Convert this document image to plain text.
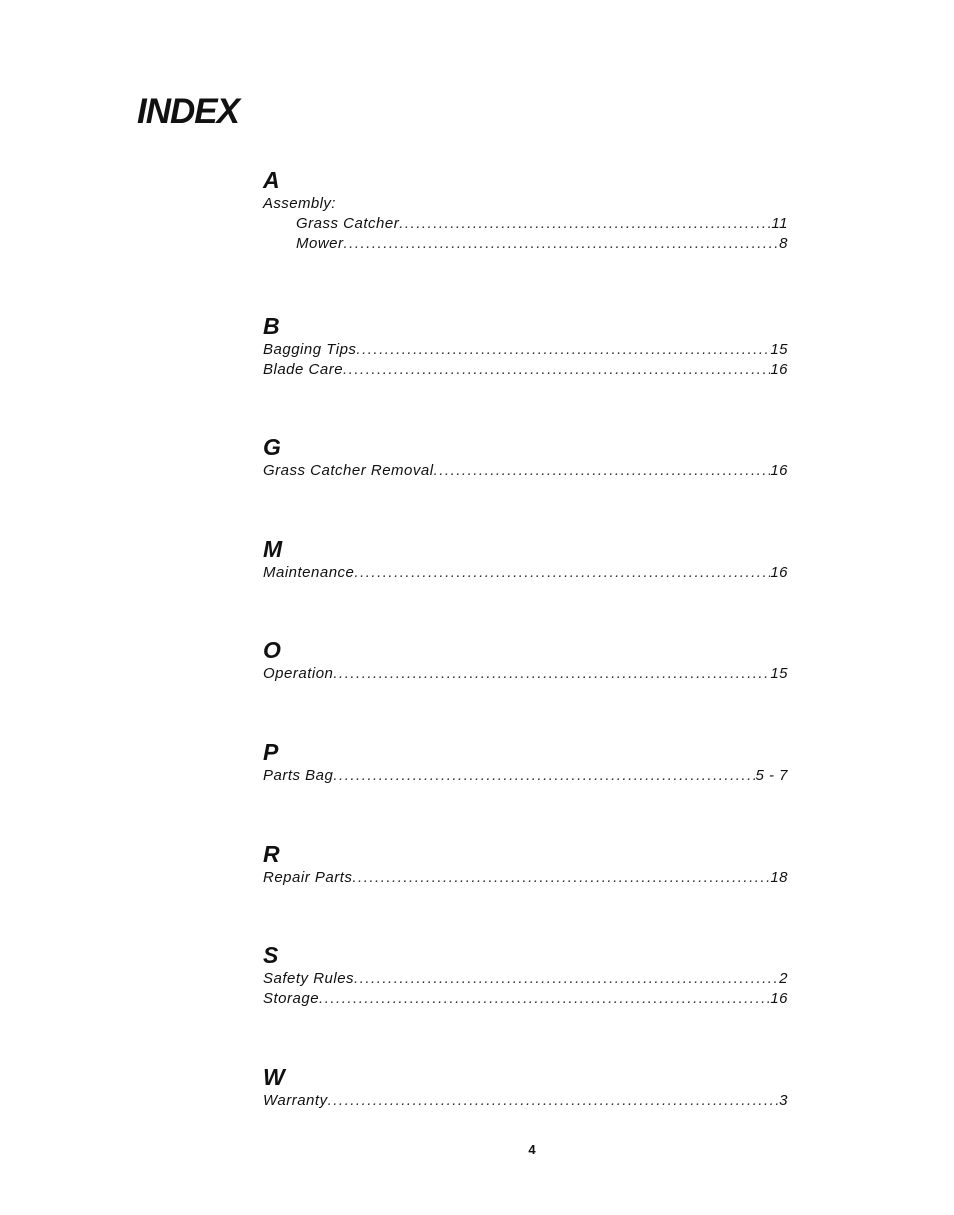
INDEX
A
Assembly:
Grass Catcher .....	11
Mower .....	8
B
Bagging Tips .....	15
Blade Care .....	16
G
Grass Catcher Removal .....	16
M
Maintenance .....	16
O
Operation .....	15
P
Parts Bag .....	5 - 7
R
Repair Parts .....	18
S
Safety Rules .....	2
Storage .....	16
W
Warranty .....	3
4
